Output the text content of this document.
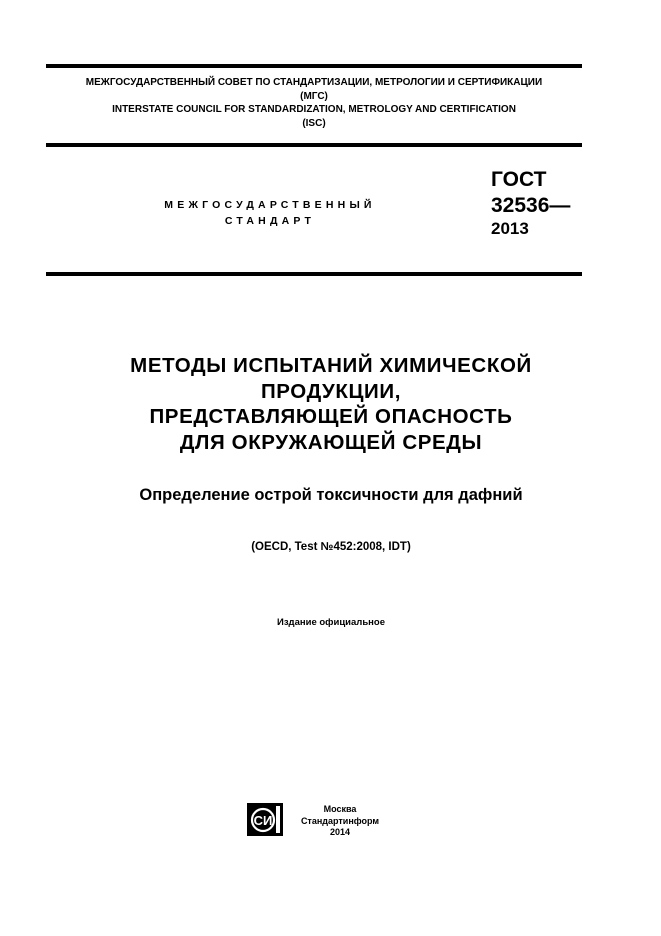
МЕЖГОСУДАРСТВЕННЫЙ СОВЕТ ПО СТАНДАРТИЗАЦИИ, МЕТРОЛОГИИ И СЕРТИФИКАЦИИ
(МГС)
INTERSTATE COUNCIL FOR STANDARDIZATION, METROLOGY AND CERTIFICATION
(ISC)
МЕЖГОСУДАРСТВЕННЫЙ
СТАНДАРТ
ГОСТ
32536—
2013
МЕТОДЫ ИСПЫТАНИЙ ХИМИЧЕСКОЙ
ПРОДУКЦИИ,
ПРЕДСТАВЛЯЮЩЕЙ ОПАСНОСТЬ
ДЛЯ ОКРУЖАЮЩЕЙ СРЕДЫ
Определение острой токсичности для дафний
(OECD, Test №452:2008, IDT)
Издание официальное
СИ
Москва
Стандартинформ
2014
